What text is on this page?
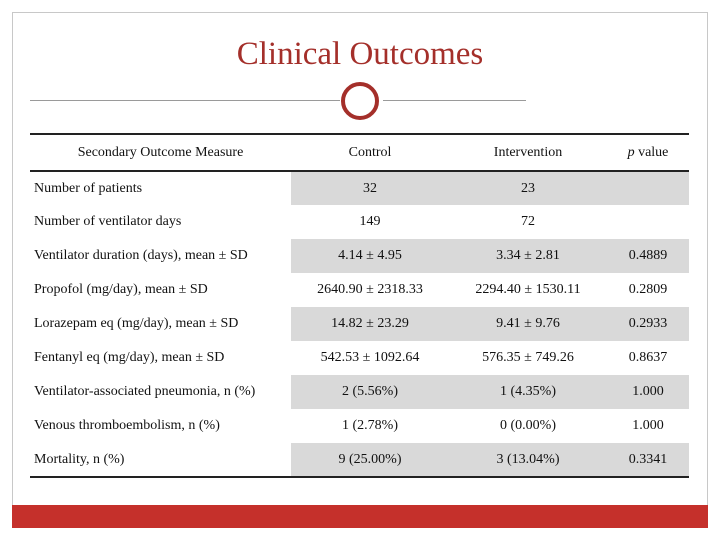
Clinical Outcomes
Secondary Outcome Measure	Control	Intervention	p value
Number of patients	32	23	
Number of ventilator days	149	72	
Ventilator duration (days), mean ± SD	4.14 ± 4.95	3.34 ± 2.81	0.4889
Propofol (mg/day), mean ± SD	2640.90 ± 2318.33	2294.40 ± 1530.11	0.2809
Lorazepam eq (mg/day), mean ± SD	14.82 ± 23.29	9.41 ± 9.76	0.2933
Fentanyl eq (mg/day), mean ± SD	542.53 ± 1092.64	576.35 ± 749.26	0.8637
Ventilator-associated pneumonia, n (%)	2 (5.56%)	1 (4.35%)	1.000
Venous thromboembolism, n (%)	1 (2.78%)	0 (0.00%)	1.000
Mortality, n (%)	9 (25.00%)	3 (13.04%)	0.3341
